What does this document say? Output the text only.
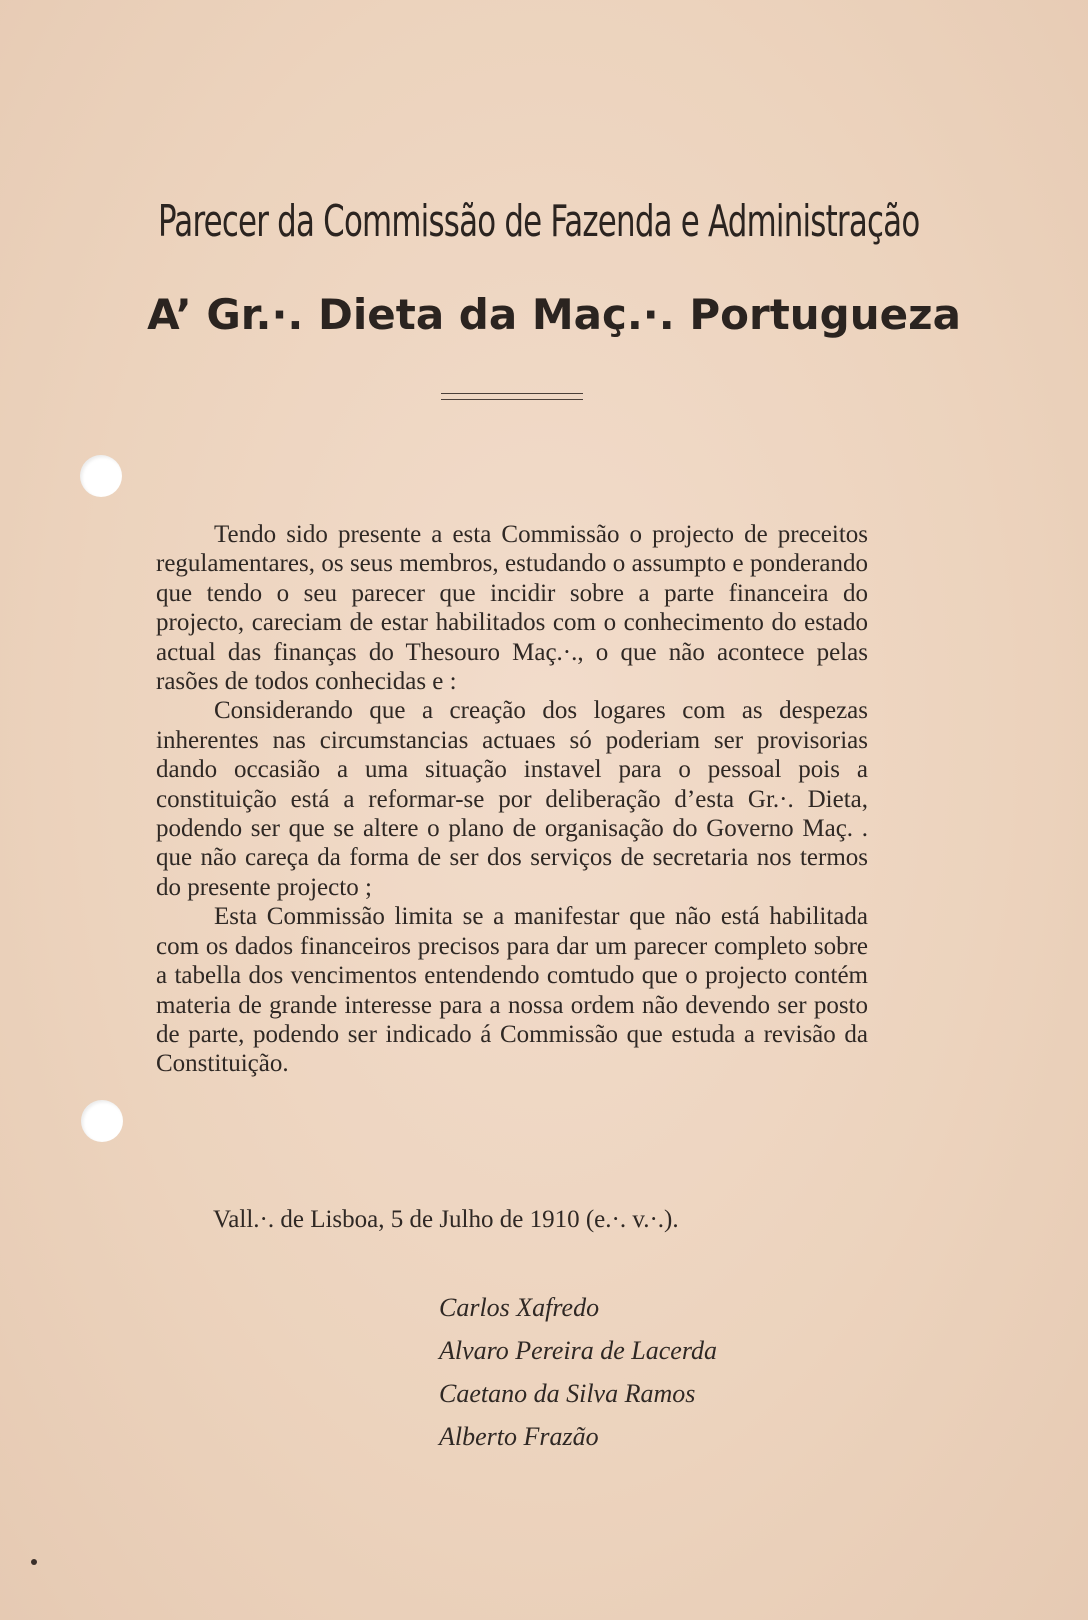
Parecer da Commissão de Fazenda e Administração
A’ Gr.·. Dieta da Maç.·. Portugueza

Tendo sido presente a esta Commissão o projecto de preceitos regulamentares, os seus membros, estudando o assumpto e ponderando que tendo o seu parecer que incidir sobre a parte financeira do projecto, careciam de estar habilitados com o conhecimento do estado actual das finanças do Thesouro Maç.·., o que não acontece pelas rasões de todos conhecidas e :

Considerando que a creação dos logares com as despezas inherentes nas circumstancias actuaes só poderiam ser provisorias dando occasião a uma situação instavel para o pessoal pois a constituição está a reformar-se por deliberação d’esta Gr.·. Dieta, podendo ser que se altere o plano de organisação do Governo Maç. . que não careça da forma de ser dos serviços de secretaria nos termos do presente projecto ;

Esta Commissão limita se a manifestar que não está habilitada com os dados financeiros precisos para dar um parecer completo sobre a tabella dos vencimentos entendendo comtudo que o projecto contém materia de grande interesse para a nossa ordem não devendo ser posto de parte, podendo ser indicado á Commissão que estuda a revisão da Constituição.

Vall.·. de Lisboa, 5 de Julho de 1910 (e.·. v.·.).
Carlos Xafredo
Alvaro Pereira de Lacerda
Caetano da Silva Ramos
Alberto Frazão
